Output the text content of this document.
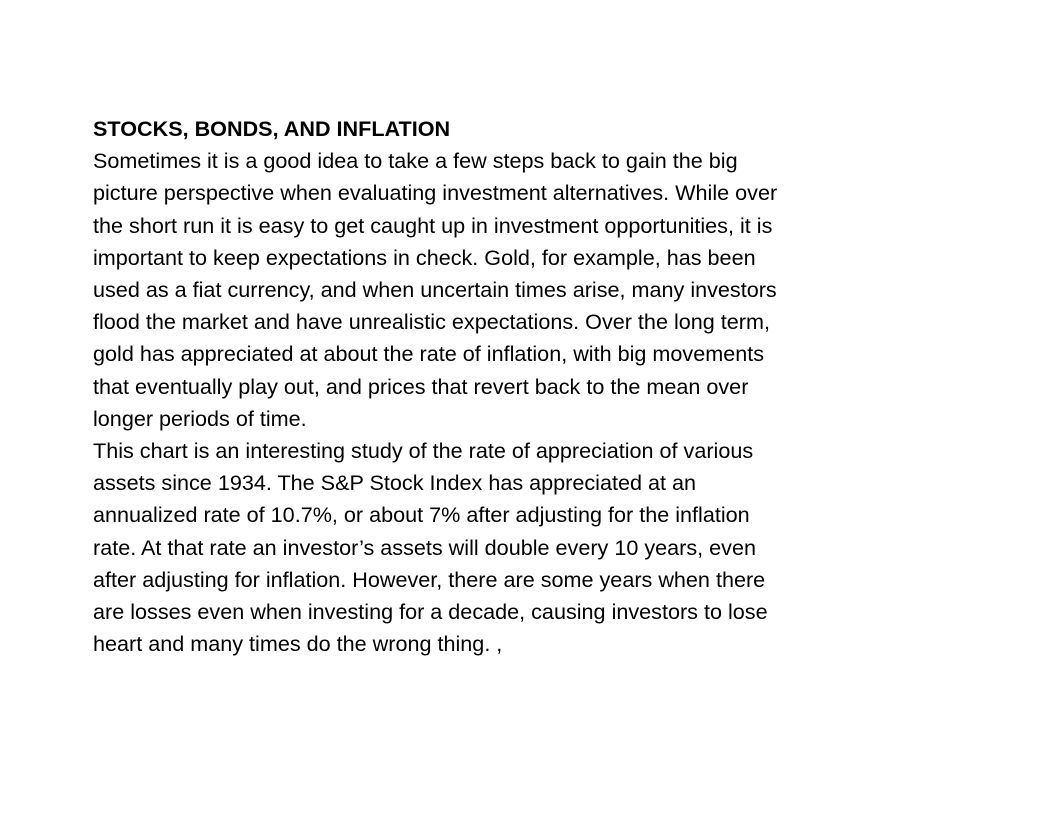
STOCKS, BONDS, AND INFLATION
Sometimes it is a good idea to take a few steps back to gain the big
picture perspective when evaluating investment alternatives. While over
the short run it is easy to get caught up in investment opportunities, it is
important to keep expectations in check. Gold, for example, has been
used as a fiat currency, and when uncertain times arise, many investors
flood the market and have unrealistic expectations. Over the long term,
gold has appreciated at about the rate of inflation, with big movements
that eventually play out, and prices that revert back to the mean over
longer periods of time.
This chart is an interesting study of the rate of appreciation of various
assets since 1934. The S&P Stock Index has appreciated at an
annualized rate of 10.7%, or about 7% after adjusting for the inflation
rate. At that rate an investor’s assets will double every 10 years, even
after adjusting for inflation. However, there are some years when there
are losses even when investing for a decade, causing investors to lose
heart and many times do the wrong thing. ,
